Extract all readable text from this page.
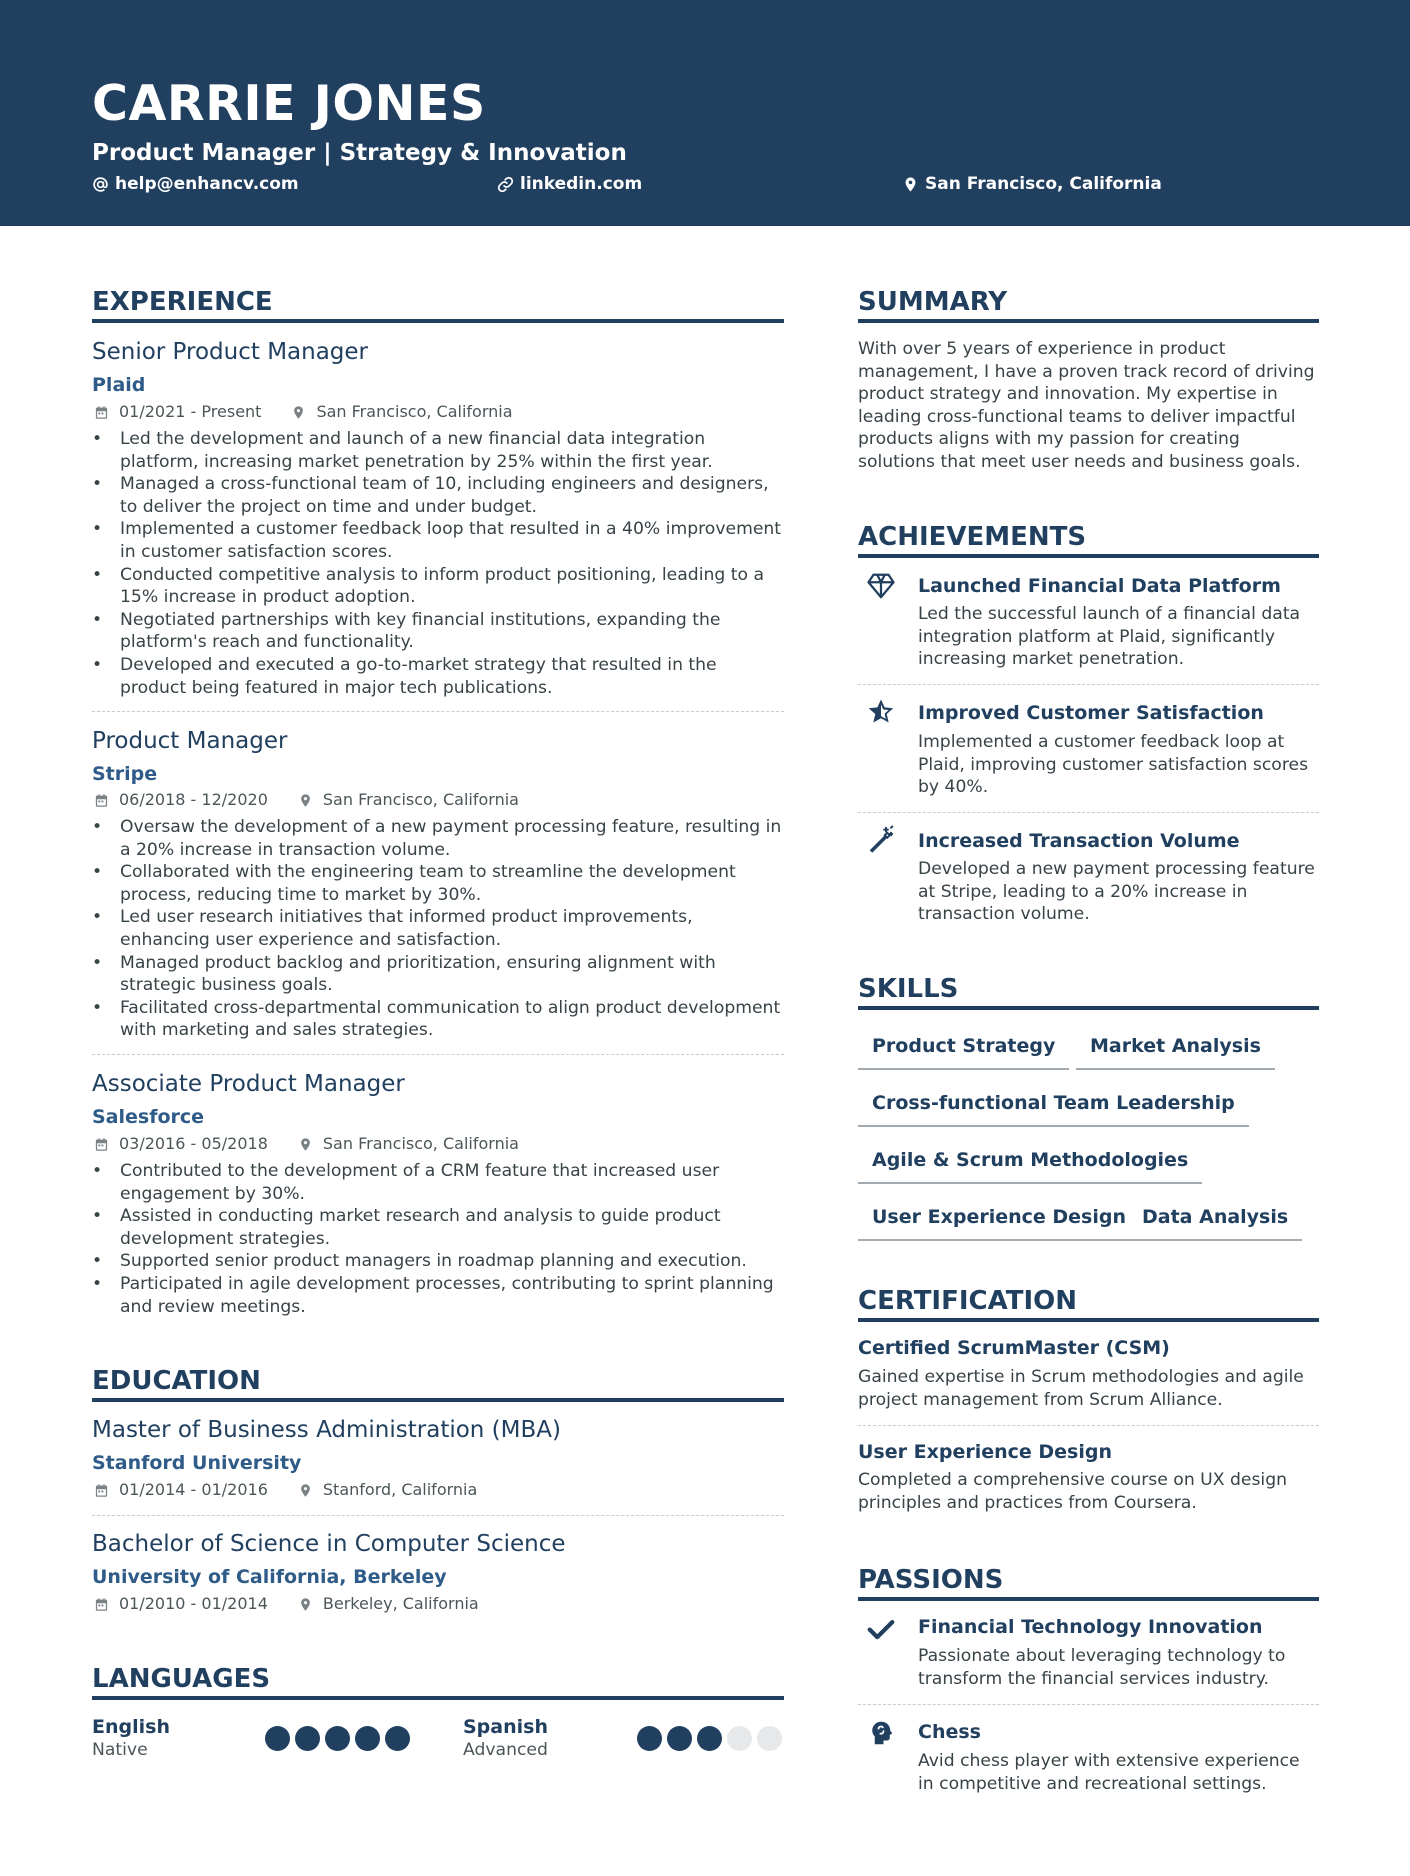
CARRIE JONES
Product Manager | Strategy & Innovation
help@enhancv.com	linkedin.com	San Francisco, California
EXPERIENCE
Senior Product Manager
Plaid
01/2021 - Present	San Francisco, California
• Led the development and launch of a new financial data integration platform, increasing market penetration by 25% within the first year.
• Managed a cross-functional team of 10, including engineers and designers, to deliver the project on time and under budget.
• Implemented a customer feedback loop that resulted in a 40% improvement in customer satisfaction scores.
• Conducted competitive analysis to inform product positioning, leading to a 15% increase in product adoption.
• Negotiated partnerships with key financial institutions, expanding the platform's reach and functionality.
• Developed and executed a go-to-market strategy that resulted in the product being featured in major tech publications.
Product Manager
Stripe
06/2018 - 12/2020	San Francisco, California
• Oversaw the development of a new payment processing feature, resulting in a 20% increase in transaction volume.
• Collaborated with the engineering team to streamline the development process, reducing time to market by 30%.
• Led user research initiatives that informed product improvements, enhancing user experience and satisfaction.
• Managed product backlog and prioritization, ensuring alignment with strategic business goals.
• Facilitated cross-departmental communication to align product development with marketing and sales strategies.
Associate Product Manager
Salesforce
03/2016 - 05/2018	San Francisco, California
• Contributed to the development of a CRM feature that increased user engagement by 30%.
• Assisted in conducting market research and analysis to guide product development strategies.
• Supported senior product managers in roadmap planning and execution.
• Participated in agile development processes, contributing to sprint planning and review meetings.
EDUCATION
Master of Business Administration (MBA)
Stanford University
01/2014 - 01/2016	Stanford, California
Bachelor of Science in Computer Science
University of California, Berkeley
01/2010 - 01/2014	Berkeley, California
LANGUAGES
English
Native
Spanish
Advanced
SUMMARY
With over 5 years of experience in product management, I have a proven track record of driving product strategy and innovation. My expertise in leading cross-functional teams to deliver impactful products aligns with my passion for creating solutions that meet user needs and business goals.
ACHIEVEMENTS
Launched Financial Data Platform
Led the successful launch of a financial data integration platform at Plaid, significantly increasing market penetration.
Improved Customer Satisfaction
Implemented a customer feedback loop at Plaid, improving customer satisfaction scores by 40%.
Increased Transaction Volume
Developed a new payment processing feature at Stripe, leading to a 20% increase in transaction volume.
SKILLS
Product Strategy	Market Analysis
Cross-functional Team Leadership
Agile & Scrum Methodologies
User Experience Design Data Analysis
CERTIFICATION
Certified ScrumMaster (CSM)
Gained expertise in Scrum methodologies and agile project management from Scrum Alliance.
User Experience Design
Completed a comprehensive course on UX design principles and practices from Coursera.
PASSIONS
Financial Technology Innovation
Passionate about leveraging technology to transform the financial services industry.
Chess
Avid chess player with extensive experience in competitive and recreational settings.
